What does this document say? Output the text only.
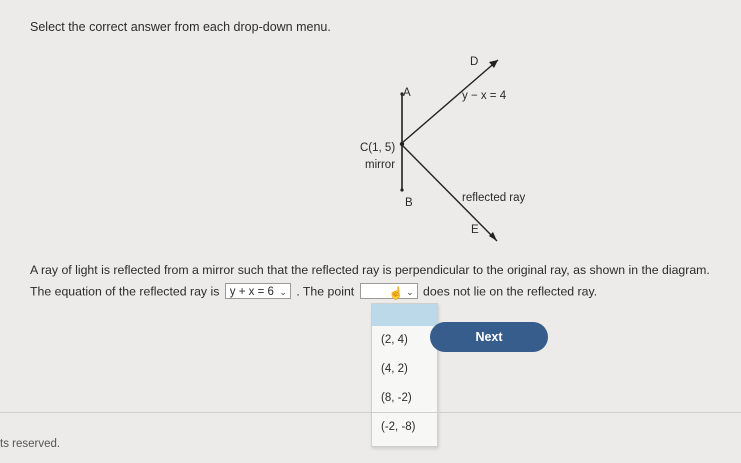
Select the correct answer from each drop-down menu.
D
A	y − x = 4
C(1, 5)
mirror
B	reflected ray
E
A ray of light is reflected from a mirror such that the reflected ray is perpendicular to the original ray, as shown in the diagram.
The equation of the reflected ray is y + x = 6 ⌄ . The point	☝ ⌄ does not lie on the reflected ray.
(2, 4)
(4, 2)
(8, -2)
(-2, -8)
Next
ts reserved.
